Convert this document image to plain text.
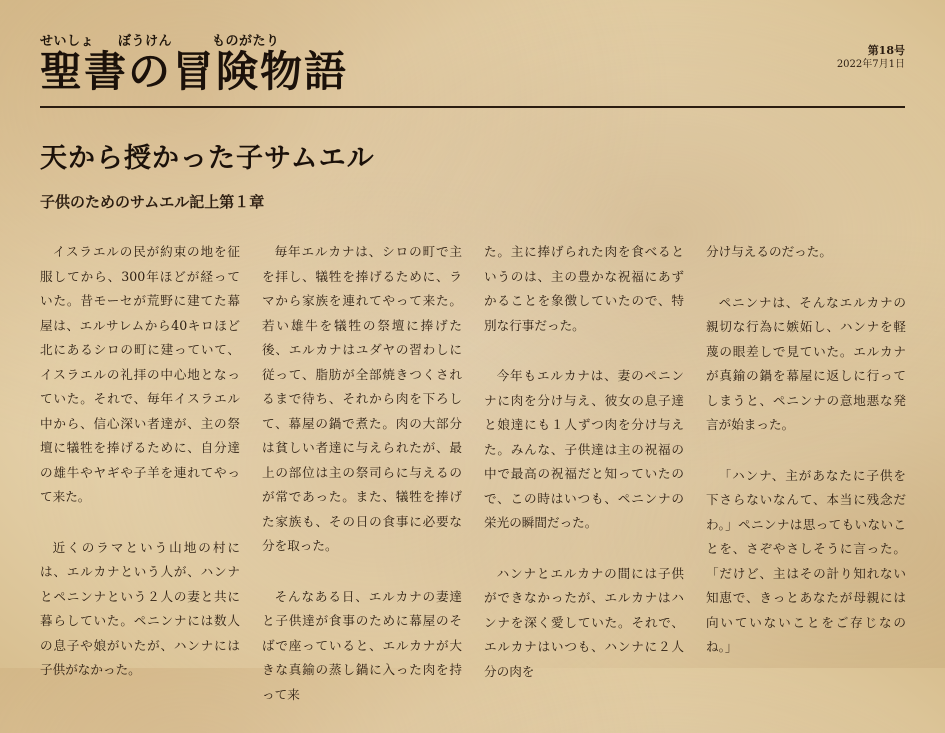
せいしょ	ぼうけん	ものがたり
聖書の冒険物語	第18号
2022年7月1日
天から授かった子サムエル
子供のためのサムエル記上第１章

イスラエルの民が約束の地を征服してから、300年ほどが経っていた。昔モーセが荒野に建てた幕屋は、エルサレムから40キロほど北にあるシロの町に建っていて、イスラエルの礼拝の中心地となっていた。それで、毎年イスラエル中から、信心深い者達が、主の祭壇に犠牲を捧げるために、自分達の雄牛やヤギや子羊を連れてやって来た。

近くのラマという山地の村には、エルカナという人が、ハンナとペニンナという２人の妻と共に暮らしていた。ペニンナには数人の息子や娘がいたが、ハンナには子供がなかった。

毎年エルカナは、シロの町で主を拝し、犠牲を捧げるために、ラマから家族を連れてやって来た。若い雄牛を犠牲の祭壇に捧げた後、エルカナはユダヤの習わしに従って、脂肪が全部焼きつくされるまで待ち、それから肉を下ろして、幕屋の鍋で煮た。肉の大部分は貧しい者達に与えられたが、最上の部位は主の祭司らに与えるのが常であった。また、犠牲を捧げた家族も、その日の食事に必要な分を取った。

そんなある日、エルカナの妻達と子供達が食事のために幕屋のそばで座っていると、エルカナが大きな真鍮の蒸し鍋に入った肉を持って来

た。主に捧げられた肉を食べるというのは、主の豊かな祝福にあずかることを象徴していたので、特別な行事だった。

今年もエルカナは、妻のペニンナに肉を分け与え、彼女の息子達と娘達にも１人ずつ肉を分け与えた。みんな、子供達は主の祝福の中で最高の祝福だと知っていたので、この時はいつも、ペニンナの栄光の瞬間だった。

ハンナとエルカナの間には子供ができなかったが、エルカナはハンナを深く愛していた。それで、エルカナはいつも、ハンナに２人分の肉を

分け与えるのだった。

ペニンナは、そんなエルカナの親切な行為に嫉妬し、ハンナを軽蔑の眼差しで見ていた。エルカナが真鍮の鍋を幕屋に返しに行ってしまうと、ペニンナの意地悪な発言が始まった。

「ハンナ、主があなたに子供を下さらないなんて、本当に残念だわ。」ペニンナは思ってもいないことを、さぞやさしそうに言った。「だけど、主はその計り知れない知恵で、きっとあなたが母親には向いていないことをご存じなのね。」
